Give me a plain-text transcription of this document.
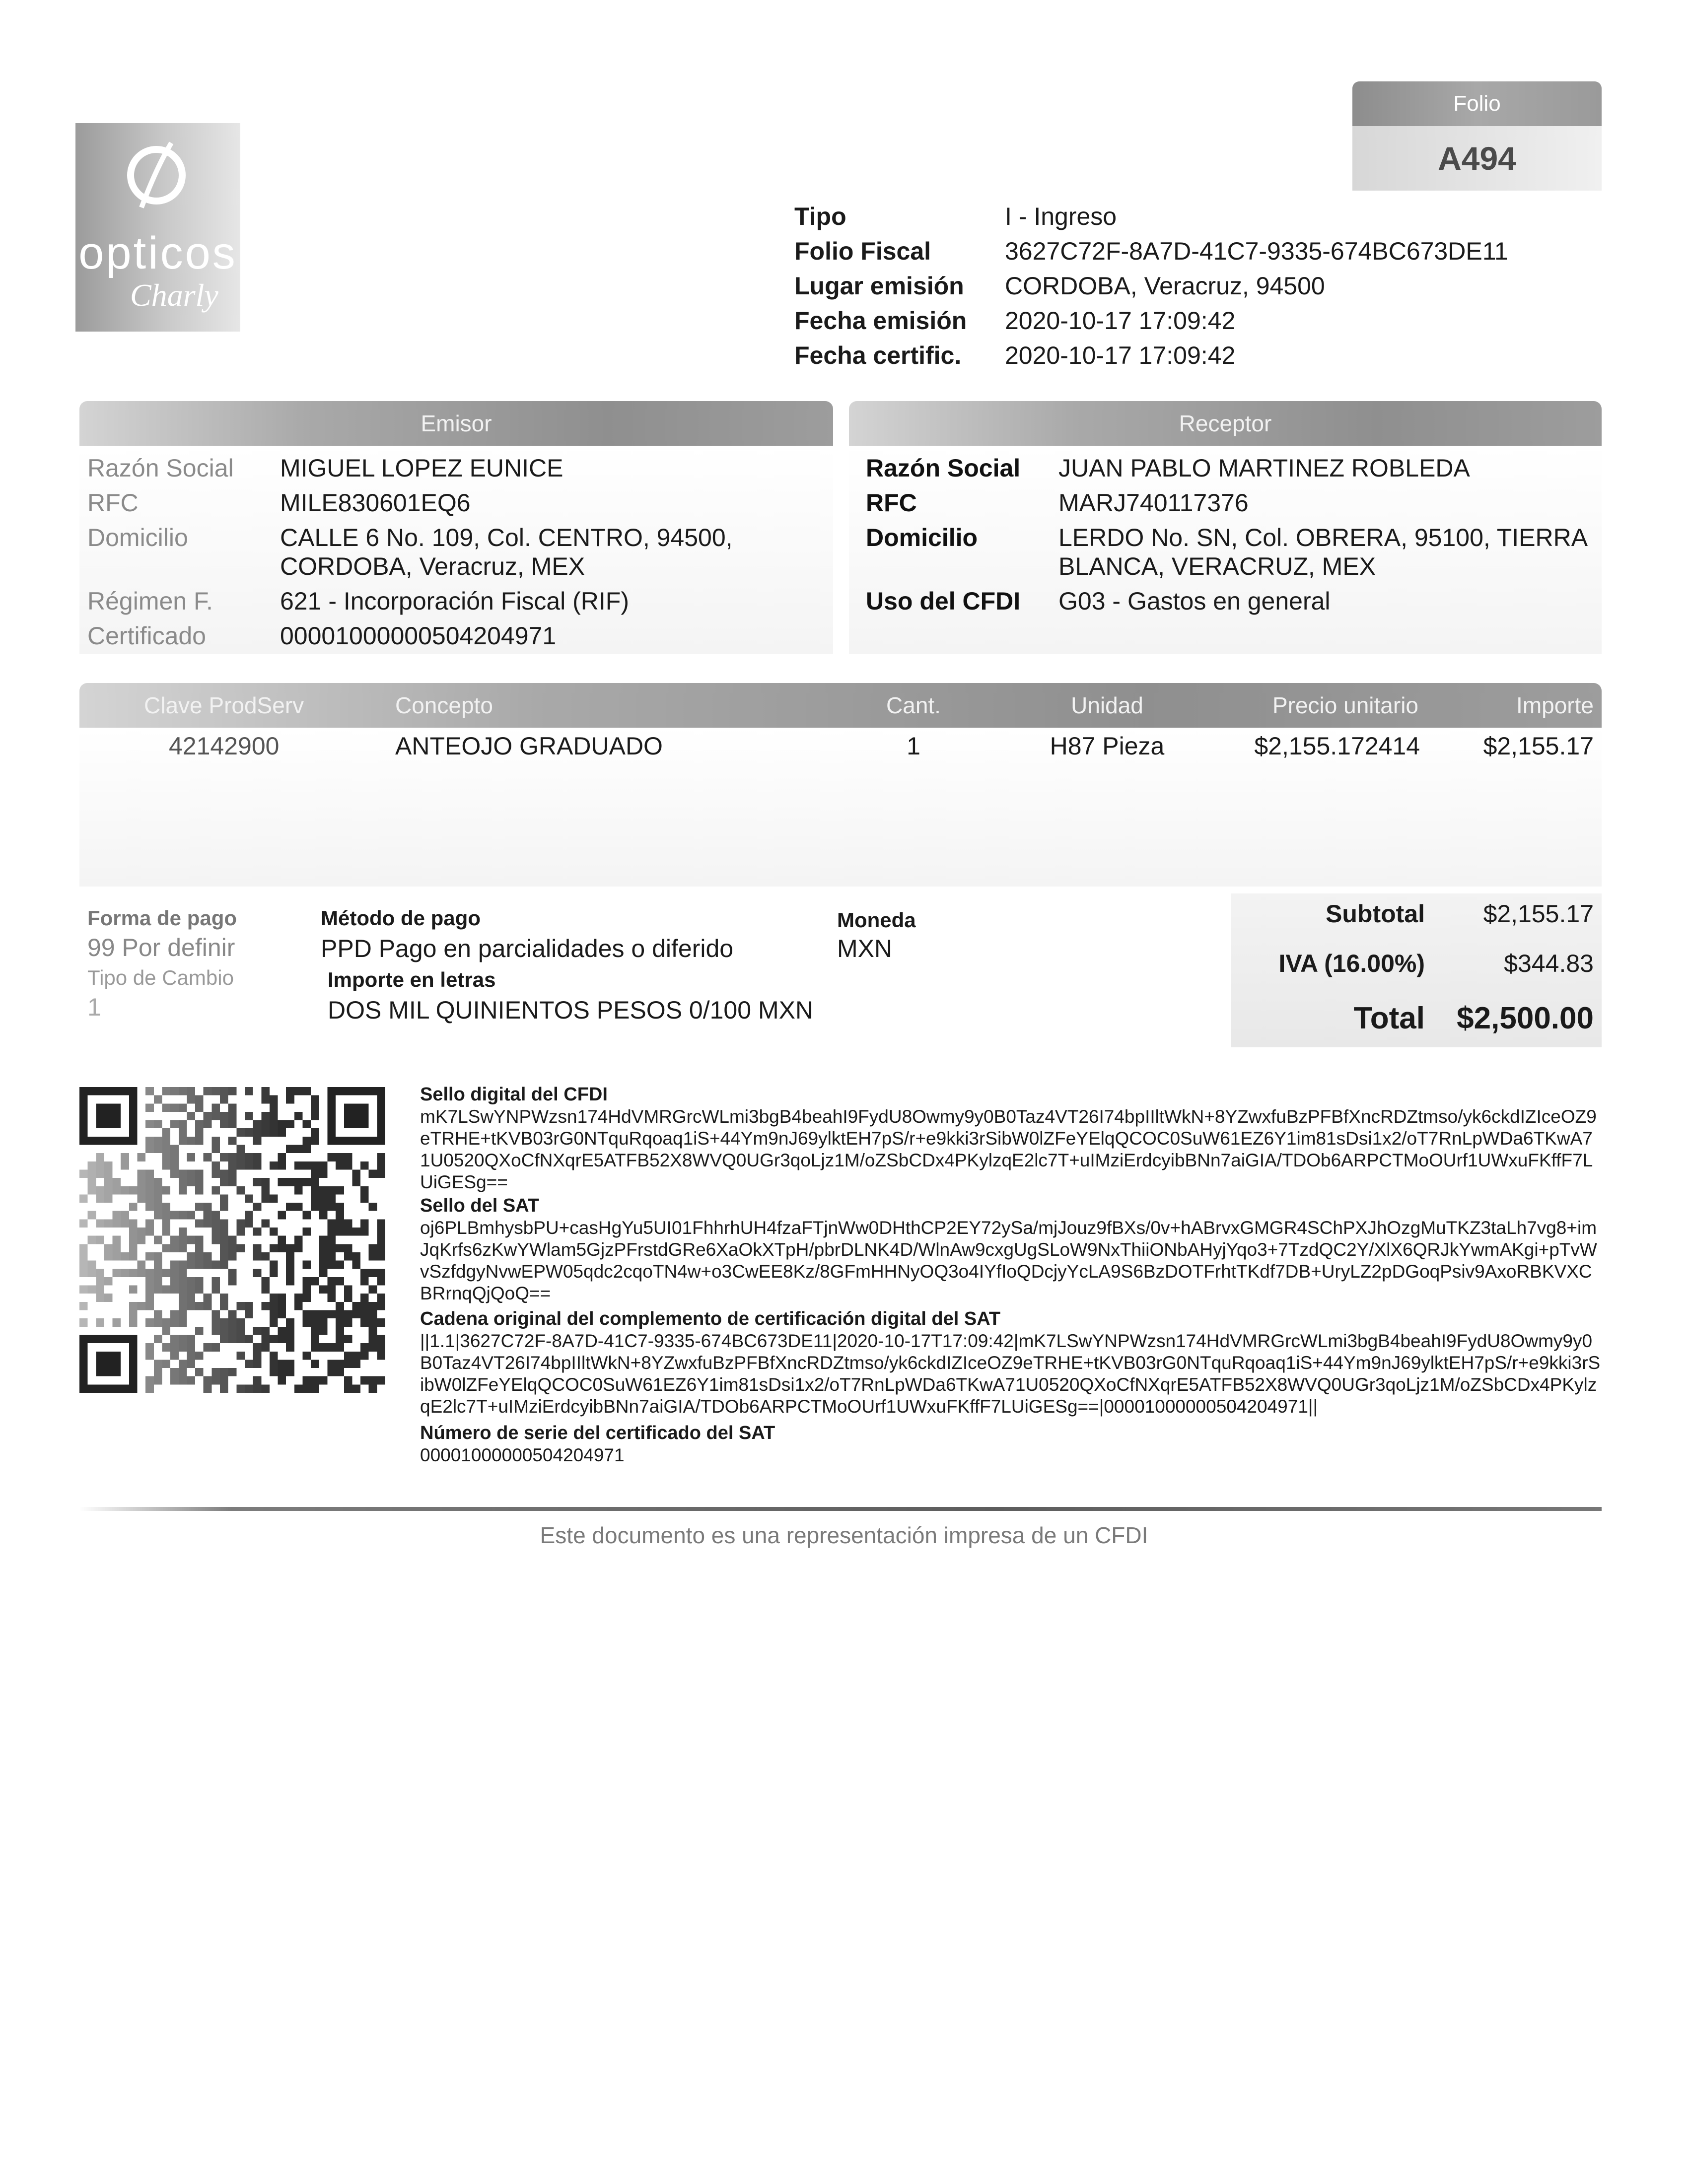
opticos
Charly
Folio
A494
Tipo	I - Ingreso
Folio Fiscal	3627C72F-8A7D-41C7-9335-674BC673DE11
Lugar emisión CORDOBA, Veracruz, 94500
Fecha emisión 2020-10-17 17:09:42
Fecha certific. 2020-10-17 17:09:42
Emisor
Razón Social MIGUEL LOPEZ EUNICE
RFC	MILE830601EQ6
Domicilio	CALLE 6 No. 109, Col. CENTRO, 94500,
CORDOBA, Veracruz, MEX
Régimen F.	621 - Incorporación Fiscal (RIF)
Certificado	00001000000504204971
Receptor
Razón Social JUAN PABLO MARTINEZ ROBLEDA
RFC	MARJ740117376
Domicilio	LERDO No. SN, Col. OBRERA, 95100, TIERRA
BLANCA, VERACRUZ, MEX
Uso del CFDI G03 - Gastos en general
Clave ProdServ	Concepto	Cant.	Unidad	Precio unitario	Importe
42142900	ANTEOJO GRADUADO	1	H87 Pieza	$2,155.172414	$2,155.17
Forma de pago
99 Por definir
Tipo de Cambio
1
Método de pago
PPD Pago en parcialidades o diferido
Importe en letras
DOS MIL QUINIENTOS PESOS 0/100 MXN
Moneda
MXN
Subtotal	$2,155.17
IVA (16.00%)	$344.83
Total	$2,500.00
Sello digital del CFDI
mK7LSwYNPWzsn174HdVMRGrcWLmi3bgB4beahI9FydU8Owmy9y0B0Taz4VT26I74bpIIltWkN+8YZwxfuBzPFBfXncRDZtmso/yk6ckdIZIceOZ9eTRHE+tKVB03rG0NTquRqoaq1iS+44Ym9nJ69ylktEH7pS/r+e9kki3rSibW0lZFeYElqQCOC0SuW61EZ6Y1im81sDsi1x2/oT7RnLpWDa6TKwA71U0520QXoCfNXqrE5ATFB52X8WVQ0UGr3qoLjz1M/oZSbCDx4PKylzqE2lc7T+uIMziErdcyibBNn7aiGIA/TDOb6ARPCTMoOUrf1UWxuFKffF7LUiGESg==
Sello del SAT
oj6PLBmhysbPU+casHgYu5UI01FhhrhUH4fzaFTjnWw0DHthCP2EY72ySa/mjJouz9fBXs/0v+hABrvxGMGR4SChPXJhOzgMuTKZ3taLh7vg8+imJqKrfs6zKwYWlam5GjzPFrstdGRe6XaOkXTpH/pbrDLNK4D/WlnAw9cxgUgSLoW9NxThiiONbAHyjYqo3+7TzdQC2Y/XlX6QRJkYwmAKgi+pTvWvSzfdgyNvwEPW05qdc2cqoTN4w+o3CwEE8Kz/8GFmHHNyOQ3o4IYfIoQDcjyYcLA9S6BzDOTFrhtTKdf7DB+UryLZ2pDGoqPsiv9AxoRBKVXCBRrnqQjQoQ==
Cadena original del complemento de certificación digital del SAT
||1.1|3627C72F-8A7D-41C7-9335-674BC673DE11|2020-10-17T17:09:42|mK7LSwYNPWzsn174HdVMRGrcWLmi3bgB4beahI9FydU8Owmy9y0B0Taz4VT26I74bpIIltWkN+8YZwxfuBzPFBfXncRDZtmso/yk6ckdIZIceOZ9eTRHE+tKVB03rG0NTquRqoaq1iS+44Ym9nJ69ylktEH7pS/r+e9kki3rSibW0lZFeYElqQCOC0SuW61EZ6Y1im81sDsi1x2/oT7RnLpWDa6TKwA71U0520QXoCfNXqrE5ATFB52X8WVQ0UGr3qoLjz1M/oZSbCDx4PKylzqE2lc7T+uIMziErdcyibBNn7aiGIA/TDOb6ARPCTMoOUrf1UWxuFKffF7LUiGESg==|00001000000504204971||
Número de serie del certificado del SAT
00001000000504204971
Este documento es una representación impresa de un CFDI
